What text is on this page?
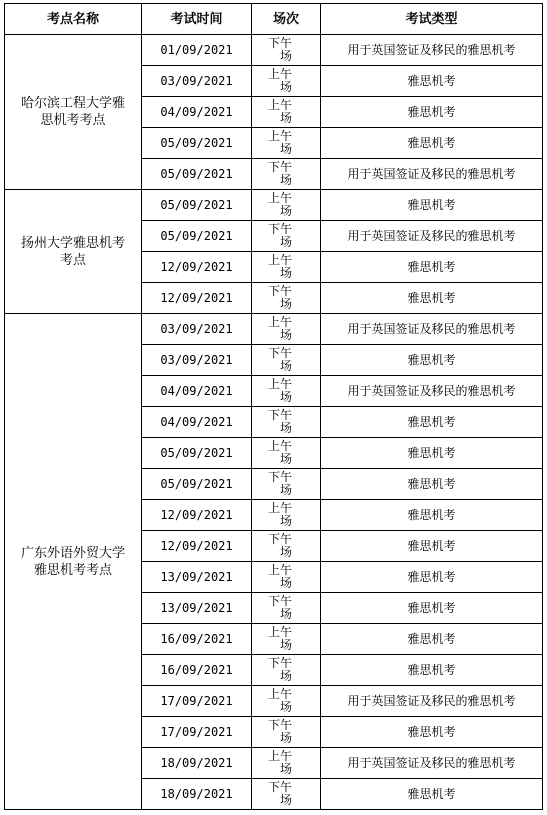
考点名称	考试时间	场次	考试类型
哈尔滨工程大学雅思机考考点	01/09/2021	下午场	用于英国签证及移民的雅思机考
	03/09/2021	上午场	雅思机考
	04/09/2021	上午场	雅思机考
	05/09/2021	上午场	雅思机考
	05/09/2021	下午场	用于英国签证及移民的雅思机考
扬州大学雅思机考考点	05/09/2021	上午场	雅思机考
	05/09/2021	下午场	用于英国签证及移民的雅思机考
	12/09/2021	上午场	雅思机考
	12/09/2021	下午场	雅思机考
广东外语外贸大学雅思机考考点	03/09/2021	上午场	用于英国签证及移民的雅思机考
	03/09/2021	下午场	雅思机考
	04/09/2021	上午场	用于英国签证及移民的雅思机考
	04/09/2021	下午场	雅思机考
	05/09/2021	上午场	雅思机考
	05/09/2021	下午场	雅思机考
	12/09/2021	上午场	雅思机考
	12/09/2021	下午场	雅思机考
	13/09/2021	上午场	雅思机考
	13/09/2021	下午场	雅思机考
	16/09/2021	上午场	雅思机考
	16/09/2021	下午场	雅思机考
	17/09/2021	上午场	用于英国签证及移民的雅思机考
	17/09/2021	下午场	雅思机考
	18/09/2021	上午场	用于英国签证及移民的雅思机考
	18/09/2021	下午场	雅思机考
